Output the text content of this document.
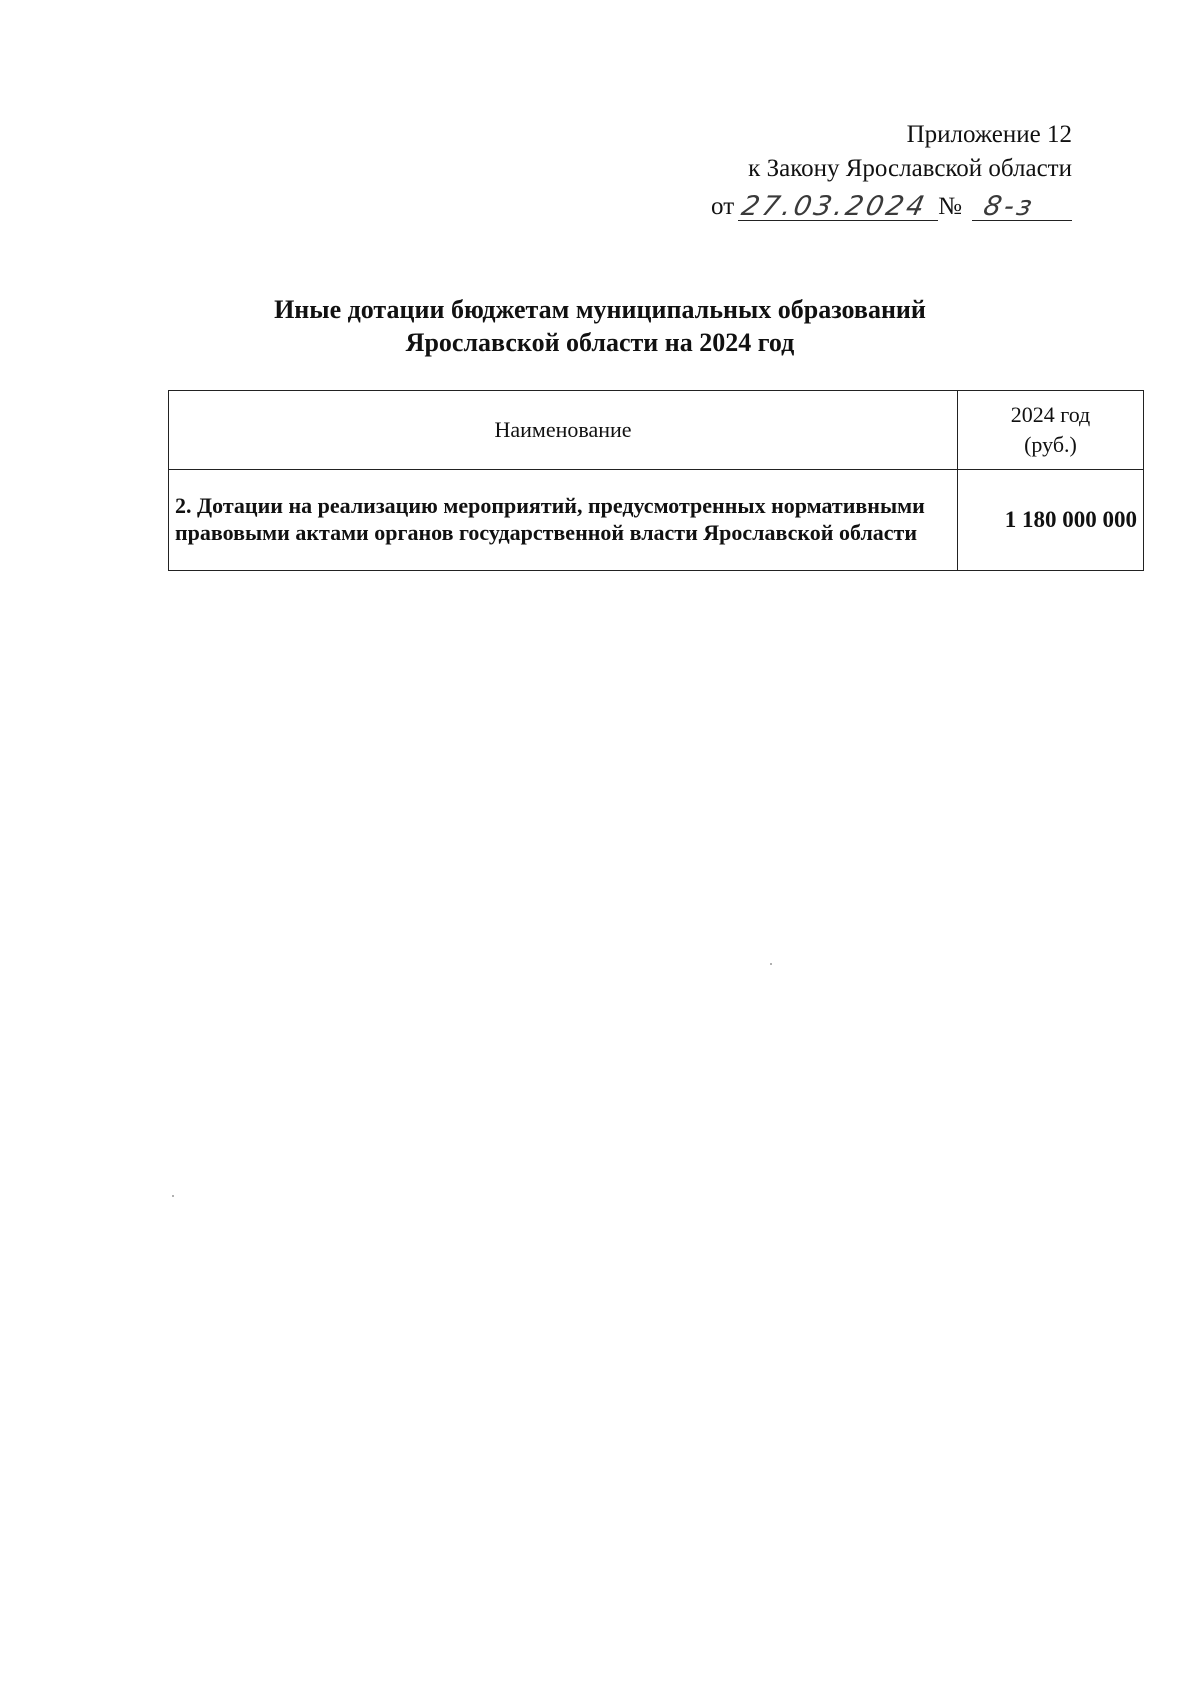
Приложение 12
к Закону Ярославской области
от 27.03.2024 № 8-з
Иные дотации бюджетам муниципальных образований
Ярославской области на 2024 год
Наименование	2024 год
(руб.)

2. Дотации на реализацию мероприятий, предусмотренных нормативными правовыми актами органов государственной власти Ярославской области	1 180 000 000
